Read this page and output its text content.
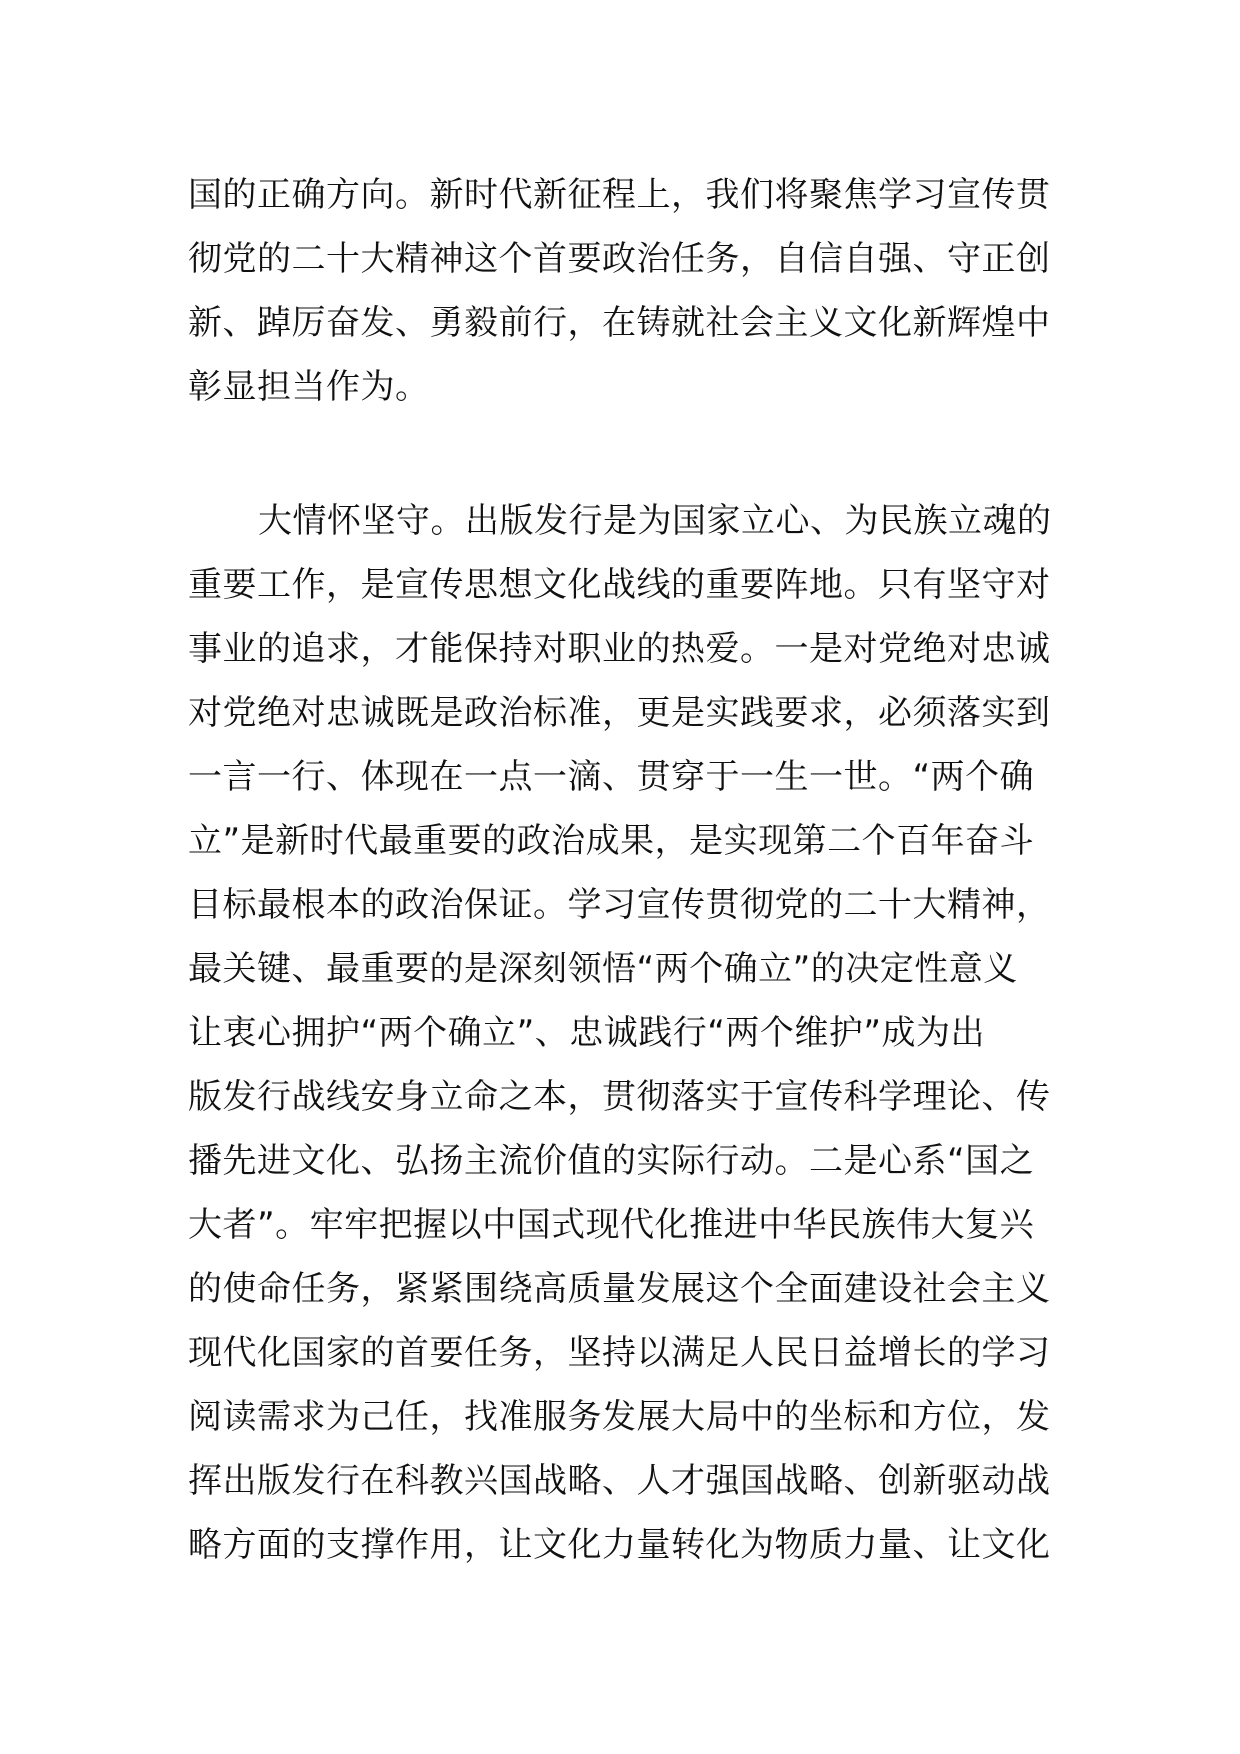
国的正确方向。新时代新征程上，我们将聚焦学习宣传贯
彻党的二十大精神这个首要政治任务，自信自强、守正创
新、踔厉奋发、勇毅前行，在铸就社会主义文化新辉煌中
彰显担当作为。
大情怀坚守。出版发行是为国家立心、为民族立魂的
重要工作，是宣传思想文化战线的重要阵地。只有坚守对
事业的追求，才能保持对职业的热爱。一是对党绝对忠诚
对党绝对忠诚既是政治标准，更是实践要求，必须落实到
一言一行、体现在一点一滴、贯穿于一生一世。“两个确
立”是新时代最重要的政治成果，是实现第二个百年奋斗
目标最根本的政治保证。学习宣传贯彻党的二十大精神，
最关键、最重要的是深刻领悟“两个确立”的决定性意义
让衷心拥护“两个确立”、忠诚践行“两个维护”成为出
版发行战线安身立命之本，贯彻落实于宣传科学理论、传
播先进文化、弘扬主流价值的实际行动。二是心系“国之
大者”。牢牢把握以中国式现代化推进中华民族伟大复兴
的使命任务，紧紧围绕高质量发展这个全面建设社会主义
现代化国家的首要任务，坚持以满足人民日益增长的学习
阅读需求为己任，找准服务发展大局中的坐标和方位，发
挥出版发行在科教兴国战略、人才强国战略、创新驱动战
略方面的支撑作用，让文化力量转化为物质力量、让文化
